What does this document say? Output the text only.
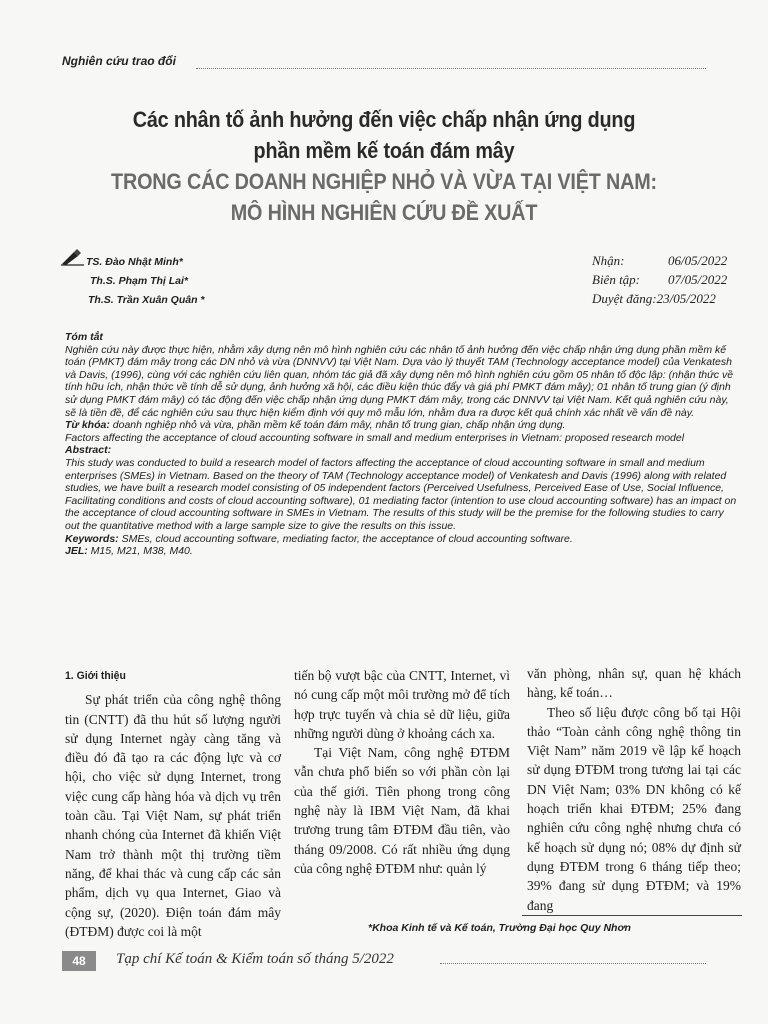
Nghiên cứu trao đổi
Các nhân tố ảnh hưởng đến việc chấp nhận ứng dụng
phần mềm kế toán đám mây
TRONG CÁC DOANH NGHIỆP NHỎ VÀ VỪA TẠI VIỆT NAM:
MÔ HÌNH NGHIÊN CỨU ĐỀ XUẤT
TS. Đào Nhật Minh*
Th.S. Phạm Thị Lai*
Th.S. Trần Xuân Quân *
Nhận:	06/05/2022
Biên tập:	07/05/2022
Duyệt đăng: 23/05/2022

Tóm tắt

Nghiên cứu này được thực hiện, nhằm xây dựng nên mô hình nghiên cứu các nhân tố ảnh hưởng đến việc chấp nhận ứng dụng phần mềm kế toán (PMKT) đám mây trong các DN nhỏ và vừa (DNNVV) tại Việt Nam. Dựa vào lý thuyết TAM (Technology acceptance model) của Venkatesh và Davis, (1996), cùng với các nghiên cứu liên quan, nhóm tác giả đã xây dựng nên mô hình nghiên cứu gồm 05 nhân tố độc lập: (nhận thức về tính hữu ích, nhận thức về tính dễ sử dụng, ảnh hưởng xã hội, các điều kiện thúc đẩy và giá phí PMKT đám mây); 01 nhân tố trung gian (ý định sử dụng PMKT đám mây) có tác động đến việc chấp nhận ứng dụng PMKT đám mây, trong các DNNVV tại Việt Nam. Kết quả nghiên cứu này, sẽ là tiền đề, để các nghiên cứu sau thực hiện kiểm định với quy mô mẫu lớn, nhằm đưa ra được kết quả chính xác nhất về vấn đề này.

Từ khóa: doanh nghiệp nhỏ và vừa, phần mềm kế toán đám mây, nhân tố trung gian, chấp nhận ứng dụng.

Factors affecting the acceptance of cloud accounting software in small and medium enterprises in Vietnam: proposed research model

Abstract:

This study was conducted to build a research model of factors affecting the acceptance of cloud accounting software in small and medium enterprises (SMEs) in Vietnam. Based on the theory of TAM (Technology acceptance model) of Venkatesh and Davis (1996) along with related studies, we have built a research model consisting of 05 independent factors (Perceived Usefulness, Perceived Ease of Use, Social Influence, Facilitating conditions and costs of cloud accounting software), 01 mediating factor (intention to use cloud accounting software) has an impact on the acceptance of cloud accounting software in SMEs in Vietnam. The results of this study will be the premise for the following studies to carry out the quantitative method with a large sample size to give the results on this issue.

Keywords: SMEs, cloud accounting software, mediating factor, the acceptance of cloud accounting software.

JEL: M15, M21, M38, M40.

1. Giới thiệu

Sự phát triển của công nghệ thông tin (CNTT) đã thu hút số lượng người sử dụng Internet ngày càng tăng và điều đó đã tạo ra các động lực và cơ hội, cho việc sử dụng Internet, trong việc cung cấp hàng hóa và dịch vụ trên toàn cầu. Tại Việt Nam, sự phát triển nhanh chóng của Internet đã khiến Việt Nam trở thành một thị trường tiềm năng, để khai thác và cung cấp các sản phẩm, dịch vụ qua Internet, Giao và cộng sự, (2020). Điện toán đám mây (ĐTĐM) được coi là một

tiến bộ vượt bậc của CNTT, Internet, vì nó cung cấp một môi trường mở để tích hợp trực tuyến và chia sẻ dữ liệu, giữa những người dùng ở khoảng cách xa.

Tại Việt Nam, công nghệ ĐTĐM vẫn chưa phổ biến so với phần còn lại của thế giới. Tiên phong trong công nghệ này là IBM Việt Nam, đã khai trương trung tâm ĐTĐM đầu tiên, vào tháng 09/2008. Có rất nhiều ứng dụng của công nghệ ĐTĐM như: quản lý

văn phòng, nhân sự, quan hệ khách hàng, kế toán…

Theo số liệu được công bố tại Hội thảo “Toàn cảnh công nghệ thông tin Việt Nam” năm 2019 về lập kế hoạch sử dụng ĐTĐM trong tương lai tại các DN Việt Nam; 03% DN không có kế hoạch triển khai ĐTĐM; 25% đang nghiên cứu công nghệ nhưng chưa có kế hoạch sử dụng nó; 08% dự định sử dụng ĐTĐM trong 6 tháng tiếp theo; 39% đang sử dụng ĐTĐM; và 19% đang

*Khoa Kinh tế và Kế toán, Trường Đại học Quy Nhơn
48	Tạp chí Kế toán & Kiểm toán số tháng 5/2022
